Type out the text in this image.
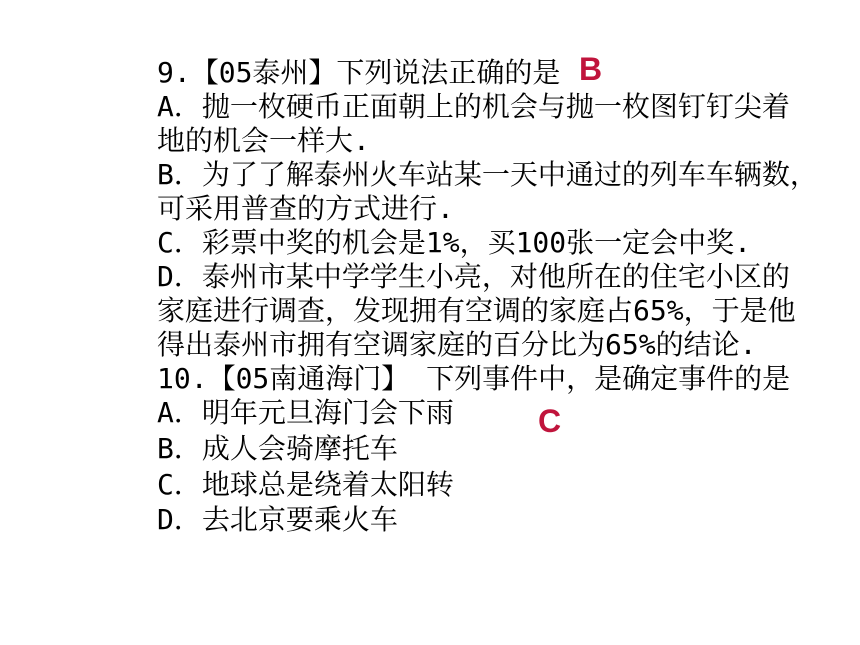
9.【05泰州】下列说法正确的是 B
A．抛一枚硬币正面朝上的机会与抛一枚图钉钉尖着
地的机会一样大.
B．为了了解泰州火车站某一天中通过的列车车辆数，
可采用普查的方式进行.
C．彩票中奖的机会是1%，买100张一定会中奖.
D．泰州市某中学学生小亮，对他所在的住宅小区的
家庭进行调查，发现拥有空调的家庭占65%，于是他
得出泰州市拥有空调家庭的百分比为65%的结论.
10.【05南通海门】 下列事件中，是确定事件的是
A．明年元旦海门会下雨	C
B．成人会骑摩托车
C．地球总是绕着太阳转
D．去北京要乘火车
